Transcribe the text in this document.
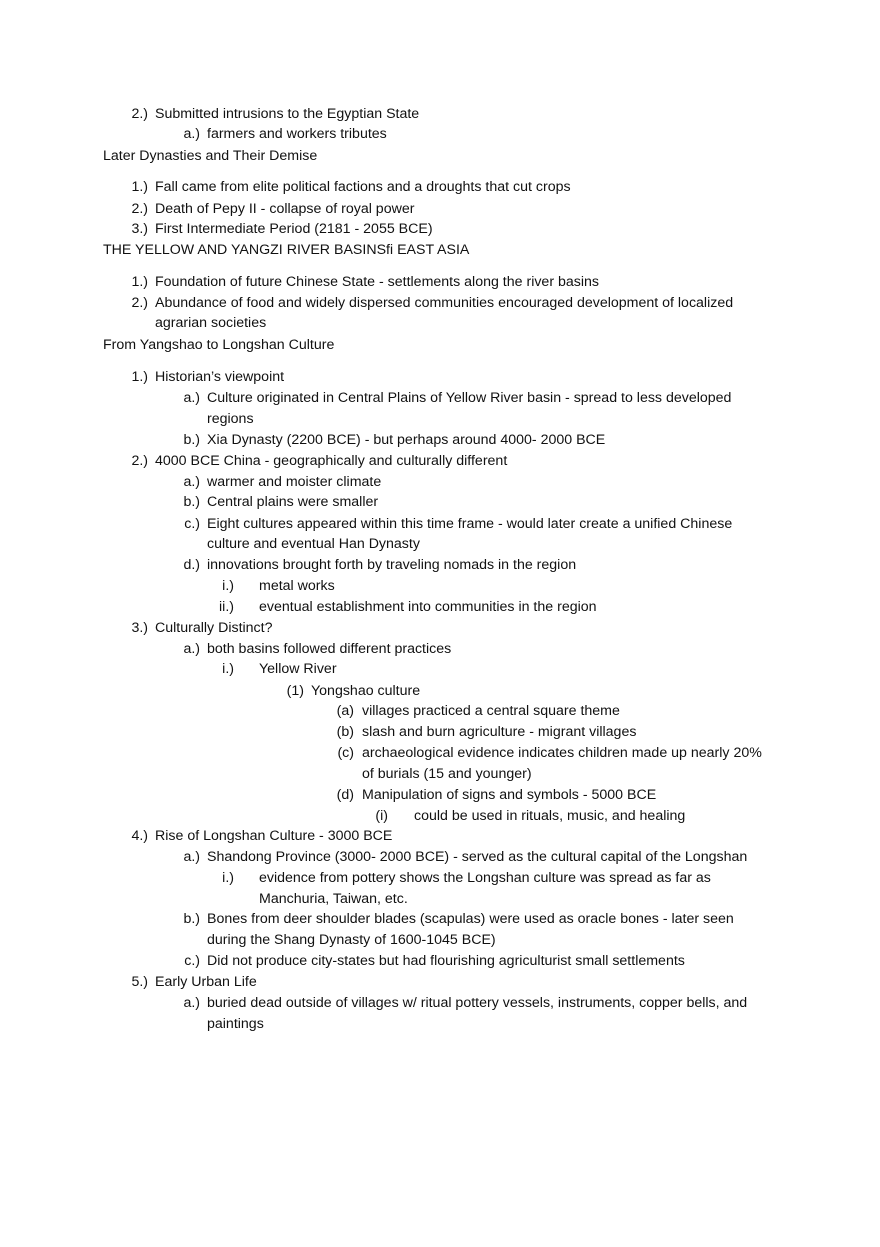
2.) Submitted intrusions to the Egyptian State
a.) farmers and workers tributes
Later Dynasties and Their Demise
1.) Fall came from elite political factions and a droughts that cut crops
2.) Death of Pepy II - collapse of royal power
3.) First Intermediate Period (2181 - 2055 BCE)
THE YELLOW AND YANGZI RIVER BASINSﬁ EAST ASIA
1.) Foundation of future Chinese State - settlements along the river basins
2.) Abundance of food and widely dispersed communities encouraged development of localized
agrarian societies
From Yangshao to Longshan Culture
1.) Historian’s viewpoint
a.) Culture originated in Central Plains of Yellow River basin - spread to less developed
regions
b.) Xia Dynasty (2200 BCE) - but perhaps around 4000- 2000 BCE
2.) 4000 BCE China - geographically and culturally different
a.) warmer and moister climate
b.) Central plains were smaller
c.) Eight cultures appeared within this time frame - would later create a unified Chinese
culture and eventual Han Dynasty
d.) innovations brought forth by traveling nomads in the region
i.) metal works
ii.) eventual establishment into communities in the region
3.) Culturally Distinct?
a.) both basins followed different practices
i.) Yellow River
(1) Yongshao culture
(a) villages practiced a central square theme
(b) slash and burn agriculture - migrant villages
(c) archaeological evidence indicates children made up nearly 20%
of burials (15 and younger)
(d) Manipulation of signs and symbols - 5000 BCE
(i) could be used in rituals, music, and healing
4.) Rise of Longshan Culture - 3000 BCE
a.) Shandong Province (3000- 2000 BCE) - served as the cultural capital of the Longshan
i.) evidence from pottery shows the Longshan culture was spread as far as
Manchuria, Taiwan, etc.
b.) Bones from deer shoulder blades (scapulas) were used as oracle bones - later seen
during the Shang Dynasty of 1600-1045 BCE)
c.) Did not produce city-states but had flourishing agriculturist small settlements
5.) Early Urban Life
a.) buried dead outside of villages w/ ritual pottery vessels, instruments, copper bells, and
paintings
